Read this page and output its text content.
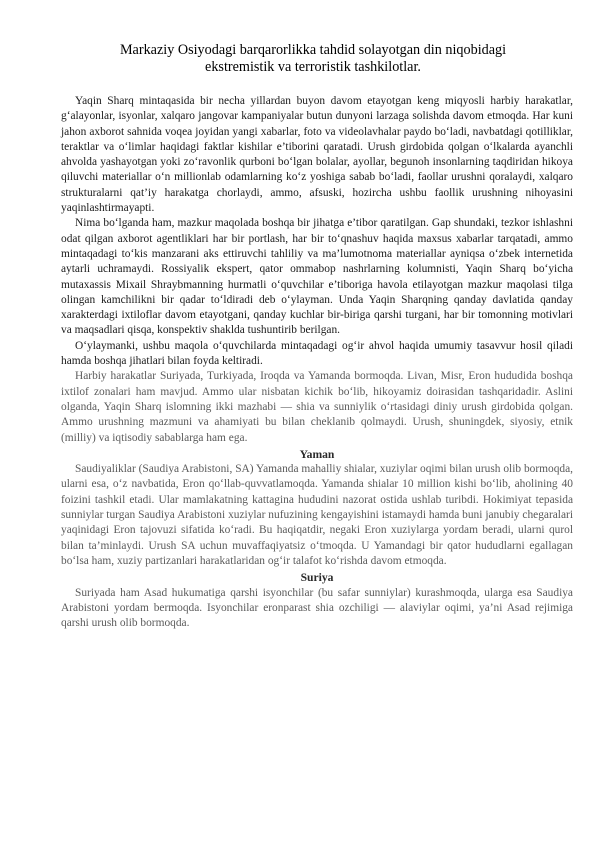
Markaziy Osiyodagi barqarorlikka tahdid solayotgan din niqobidagi
ekstremistik va terroristik tashkilotlar.

Yaqin Sharq mintaqasida bir necha yillardan buyon davom etayotgan keng miqyosli harbiy harakatlar, g‘alayonlar, isyonlar, xalqaro jangovar kampaniyalar butun dunyoni larzaga solishda davom etmoqda. Har kuni jahon axborot sahnida voqea joyidan yangi xabarlar, foto va videolavhalar paydo bo‘ladi, navbatdagi qotilliklar, teraktlar va o‘limlar haqidagi faktlar kishilar e’tiborini qaratadi. Urush girdobida qolgan o‘lkalarda ayanchli ahvolda yashayotgan yoki zo‘ravonlik qurboni bo‘lgan bolalar, ayollar, begunoh insonlarning taqdiridan hikoya qiluvchi materiallar o‘n millionlab odamlarning ko‘z yoshiga sabab bo‘ladi, faollar urushni qoralaydi, xalqaro strukturalarni qat’iy harakatga chorlaydi, ammo, afsuski, hozircha ushbu faollik urushning nihoyasini yaqinlashtirmayapti.

Nima bo‘lganda ham, mazkur maqolada boshqa bir jihatga e’tibor qaratilgan. Gap shundaki, tezkor ishlashni odat qilgan axborot agentliklari har bir portlash, har bir to‘qnashuv haqida maxsus xabarlar tarqatadi, ammo mintaqadagi to‘kis manzarani aks ettiruvchi tahliliy va ma’lumotnoma materiallar ayniqsa o‘zbek internetida aytarli uchramaydi. Rossiyalik ekspert, qator ommabop nashrlarning kolumnisti, Yaqin Sharq bo‘yicha mutaxassis Mixail Shraybmanning hurmatli o‘quvchilar e’tiboriga havola etilayotgan mazkur maqolasi tilga olingan kamchilikni bir qadar to‘ldiradi deb o‘ylayman. Unda Yaqin Sharqning qanday davlatida qanday xarakterdagi ixtiloflar davom etayotgani, qanday kuchlar bir-biriga qarshi turgani, har bir tomonning motivlari va maqsadlari qisqa, konspektiv shaklda tushuntirib berilgan.

O‘ylaymanki, ushbu maqola o‘quvchilarda mintaqadagi og‘ir ahvol haqida umumiy tasavvur hosil qiladi hamda boshqa jihatlari bilan foyda keltiradi.

Harbiy harakatlar Suriyada, Turkiyada, Iroqda va Yamanda bormoqda. Livan, Misr, Eron hududida boshqa ixtilof zonalari ham mavjud. Ammo ular nisbatan kichik bo‘lib, hikoyamiz doirasidan tashqaridadir. Aslini olganda, Yaqin Sharq islomning ikki mazhabi — shia va sunniylik o‘rtasidagi diniy urush girdobida qolgan. Ammo urushning mazmuni va ahamiyati bu bilan cheklanib qolmaydi. Urush, shuningdek, siyosiy, etnik (milliy) va iqtisodiy sabablarga ham ega.

Yaman

Saudiyaliklar (Saudiya Arabistoni, SA) Yamanda mahalliy shialar, xuziylar oqimi bilan urush olib bormoqda, ularni esa, o‘z navbatida, Eron qo‘llab-quvvatlamoqda. Yamanda shialar 10 million kishi bo‘lib, aholining 40 foizini tashkil etadi. Ular mamlakatning kattagina hududini nazorat ostida ushlab turibdi. Hokimiyat tepasida sunniylar turgan Saudiya Arabistoni xuziylar nufuzining kengayishini istamaydi hamda buni janubiy chegaralari yaqinidagi Eron tajovuzi sifatida ko‘radi. Bu haqiqatdir, negaki Eron xuziylarga yordam beradi, ularni qurol bilan ta’minlaydi. Urush SA uchun muvaffaqiyatsiz o‘tmoqda. U Yamandagi bir qator hududlarni egallagan bo‘lsa ham, xuziy partizanlari harakatlaridan og‘ir talafot ko‘rishda davom etmoqda.

Suriya

Suriyada ham Asad hukumatiga qarshi isyonchilar (bu safar sunniylar) kurashmoqda, ularga esa Saudiya Arabistoni yordam bermoqda. Isyonchilar eronparast shia ozchiligi — alaviylar oqimi, ya’ni Asad rejimiga qarshi urush olib bormoqda.
